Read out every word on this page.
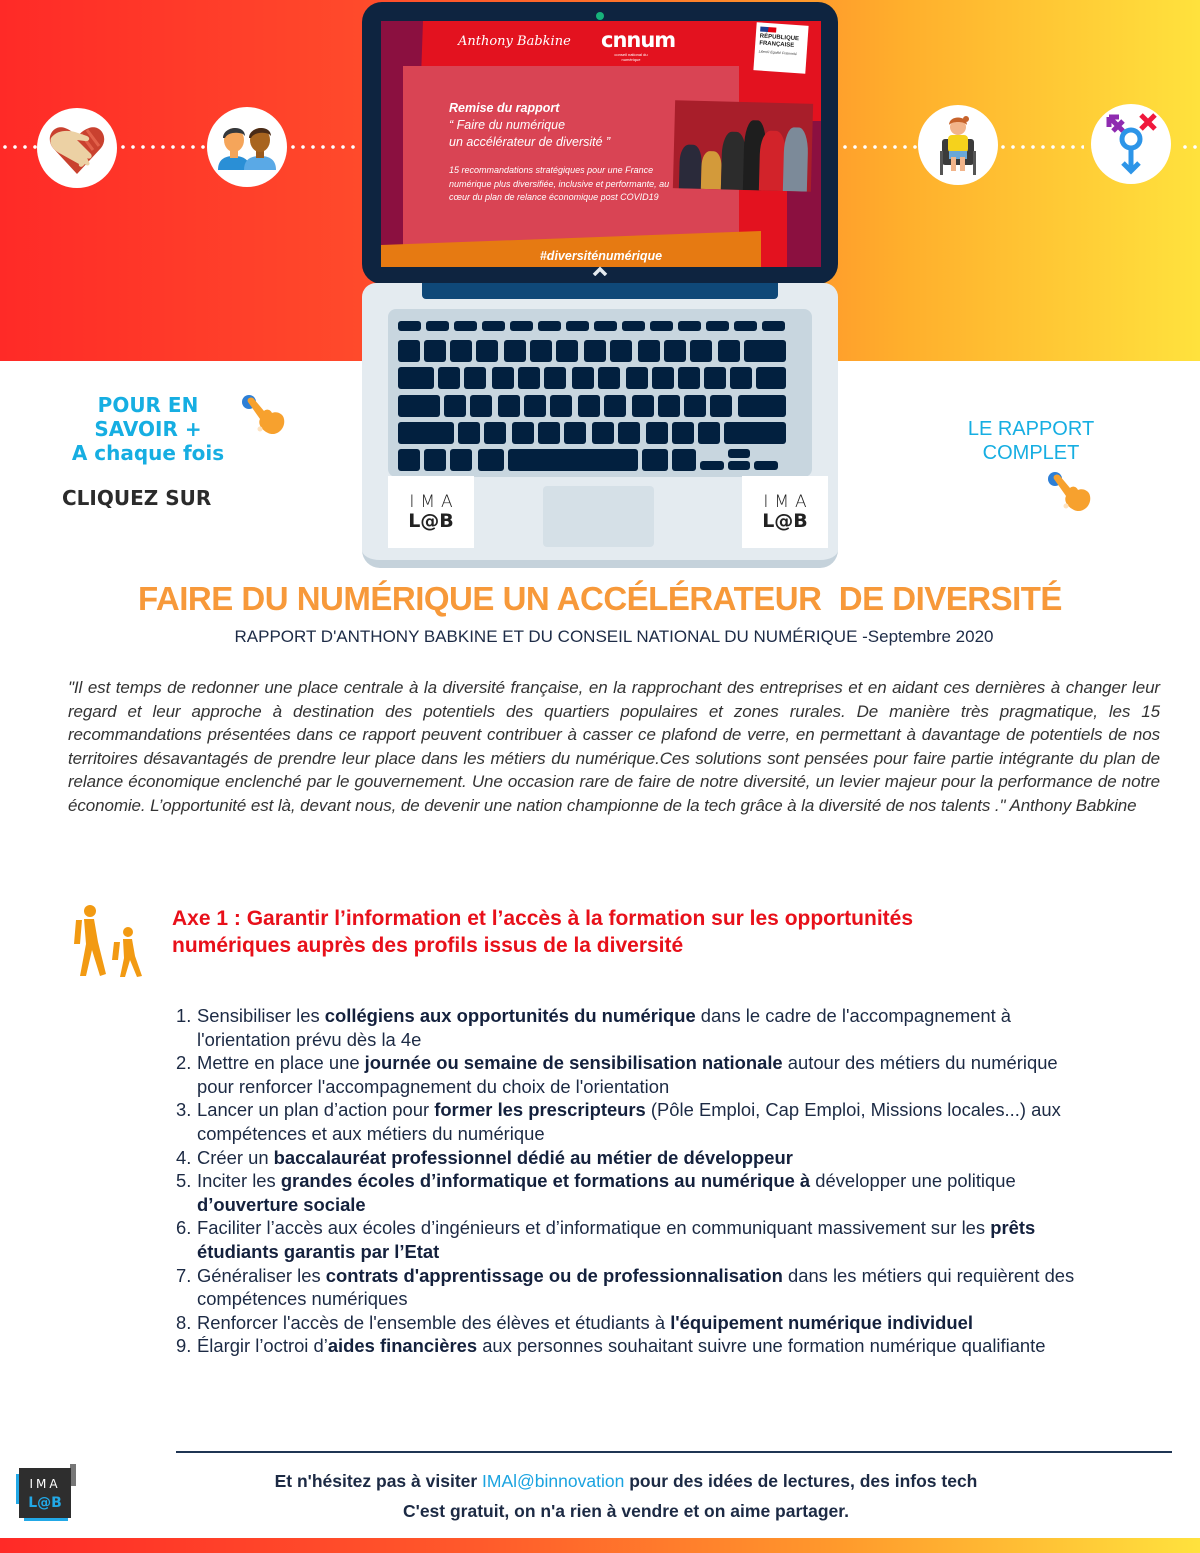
Anthony Babkine cnnum
conseil national du numérique
RÉPUBLIQUE
FRANÇAISE
Liberté Égalité Fraternité
Remise du rapport
“ Faire du numérique
un accélérateur de diversité ”
15 recommandations stratégiques pour une France numérique plus diversifiée, inclusive et performante, au cœur du plan de relance économique post COVID19
#diversiténumérique
IMA
L@B
IMA
L@B
POUR EN
SAVOIR +
A chaque fois
CLIQUEZ SUR
LE RAPPORT
COMPLET
FAIRE DU NUMÉRIQUE UN ACCÉLÉRATEUR  DE DIVERSITÉ
RAPPORT D'ANTHONY BABKINE ET DU CONSEIL NATIONAL DU NUMÉRIQUE -Septembre 2020

"Il est temps de redonner une place centrale à la diversité française, en la rapprochant des entreprises et en aidant ces dernières à changer leur regard et leur approche à destination des potentiels des quartiers populaires et zones rurales. De manière très pragmatique, les 15 recommandations présentées dans ce rapport peuvent contribuer à casser ce plafond de verre, en permettant à davantage de potentiels de nos territoires désavantagés de prendre leur place dans les métiers du numérique.Ces solutions sont pensées pour faire partie intégrante du plan de relance économique enclenché par le gouvernement. Une occasion rare de faire de notre diversité, un levier majeur pour la performance de notre économie. L’opportunité est là, devant nous, de devenir une nation championne de la tech grâce à la diversité de nos talents ." Anthony Babkine

Axe 1 : Garantir l’information et l’accès à la formation sur les opportunités
numériques auprès des profils issus de la diversité
1. Sensibiliser les collégiens aux opportunités du numérique dans le cadre de l'accompagnement à l'orientation prévu dès la 4e
2. Mettre en place une journée ou semaine de sensibilisation nationale autour des métiers du numérique pour renforcer l'accompagnement du choix de l'orientation
3. Lancer un plan d’action pour former les prescripteurs (Pôle Emploi, Cap Emploi, Missions locales...) aux compétences et aux métiers du numérique
4. Créer un baccalauréat professionnel dédié au métier de développeur
5. Inciter les grandes écoles d’informatique et formations au numérique à développer une politique d’ouverture sociale
6. Faciliter l’accès aux écoles d’ingénieurs et d’informatique en communiquant massivement sur les prêts étudiants garantis par l’Etat
7. Généraliser les contrats d'apprentissage ou de professionnalisation dans les métiers qui requièrent des compétences numériques
8. Renforcer l'accès de l'ensemble des élèves et étudiants à l'équipement numérique individuel
9. Élargir l’octroi d’aides financières aux personnes souhaitant suivre une formation numérique qualifiante
Et n'hésitez pas à visiter IMAl@binnovation pour des idées de lectures, des infos tech
C'est gratuit, on n'a rien à vendre et on aime partager.
IMA
L@B
